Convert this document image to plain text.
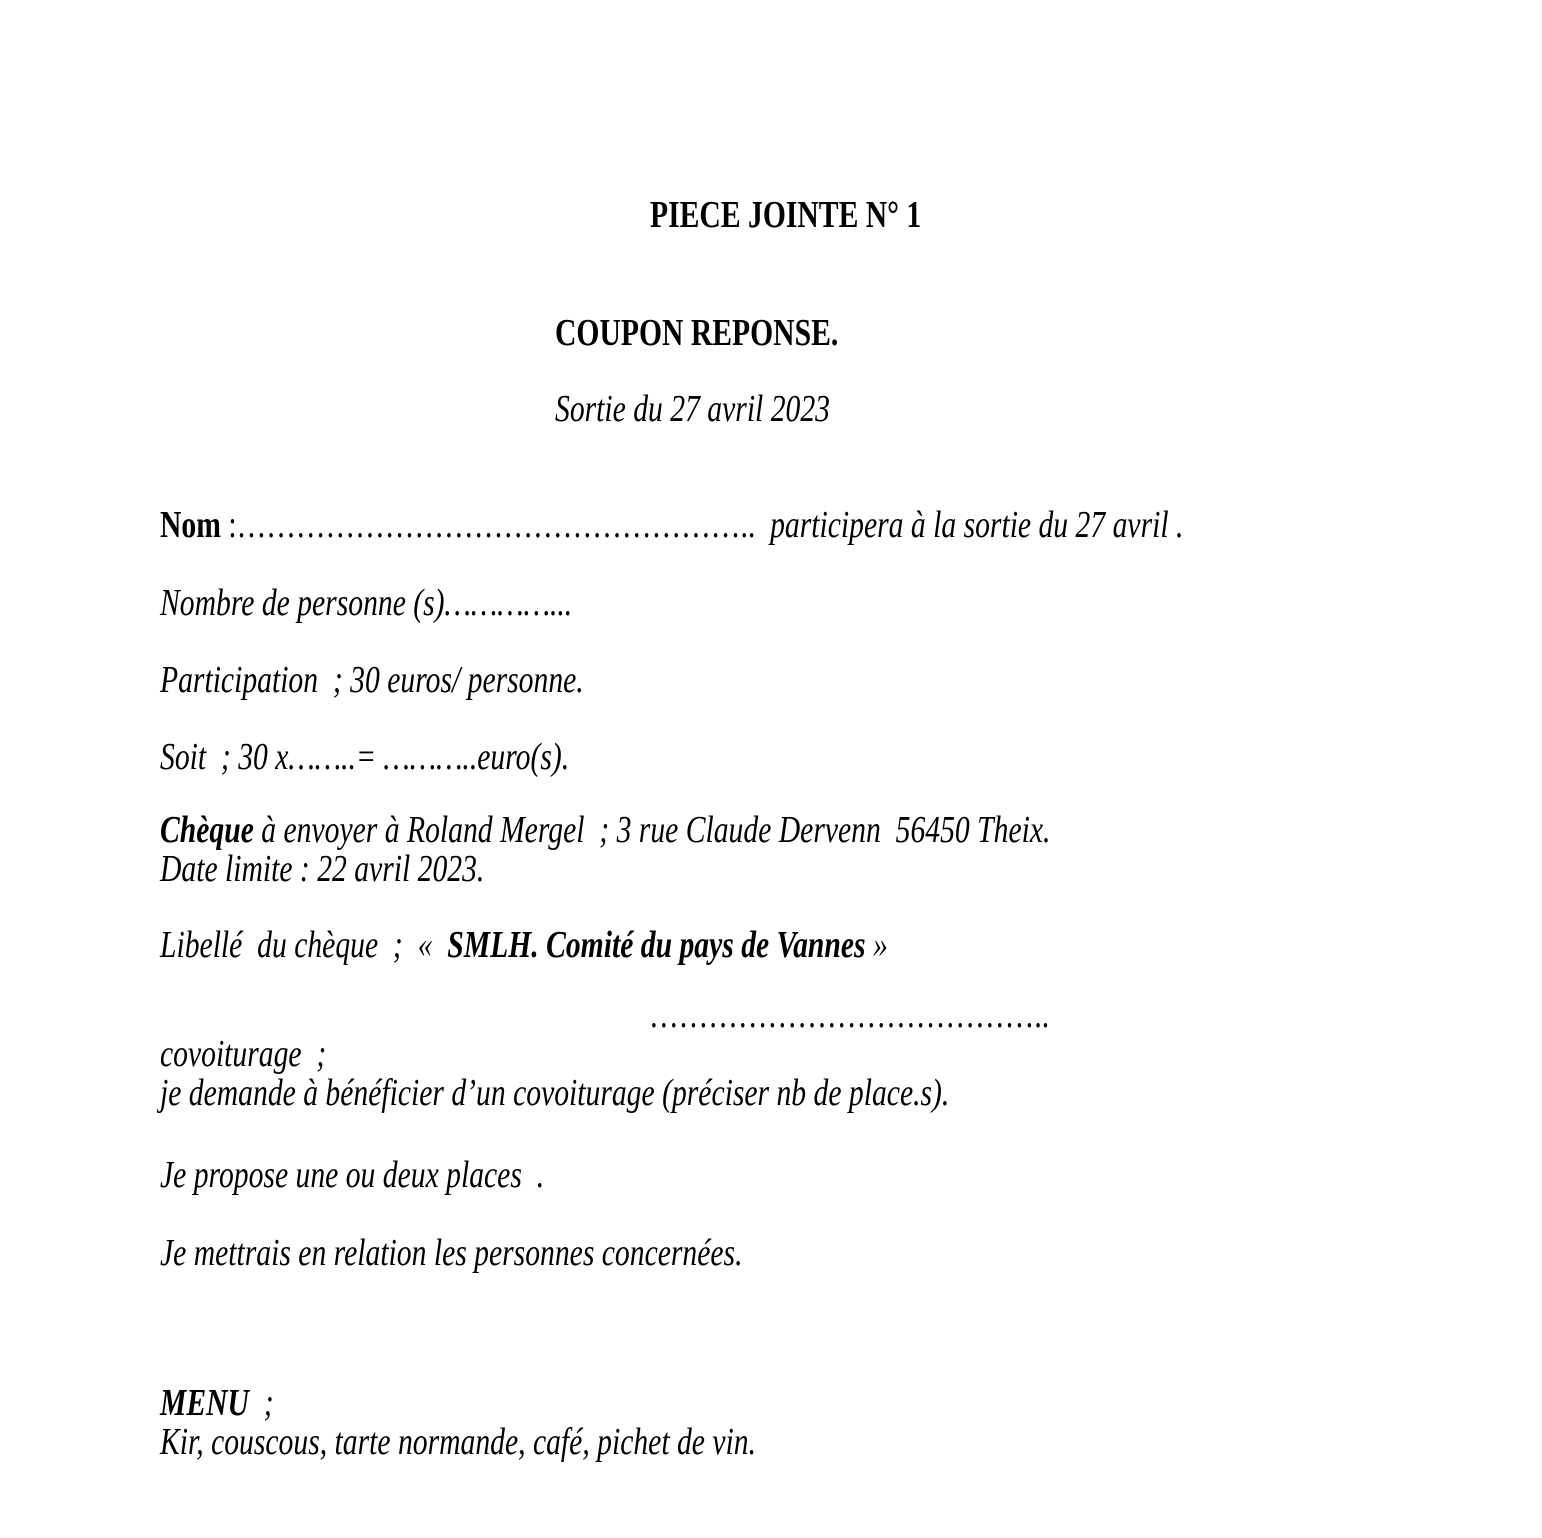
PIECE JOINTE N° 1
COUPON REPONSE.
Sortie du 27 avril 2023
Nom :……………………………………………..  participera à la sortie du 27 avril .
Nombre de personne (s)…………...
Participation  ; 30 euros/ personne.
Soit  ; 30 x……..= ………..euro(s).
Chèque à envoyer à Roland Mergel  ; 3 rue Claude Dervenn  56450 Theix.
Date limite : 22 avril 2023.
Libellé  du chèque  ;  «  SMLH. Comité du pays de Vannes »
…………………………………..
covoiturage  ;
je demande à bénéficier d’un covoiturage (préciser nb de place.s).
Je propose une ou deux places  .
Je mettrais en relation les personnes concernées.
MENU  ;
Kir, couscous, tarte normande, café, pichet de vin.
